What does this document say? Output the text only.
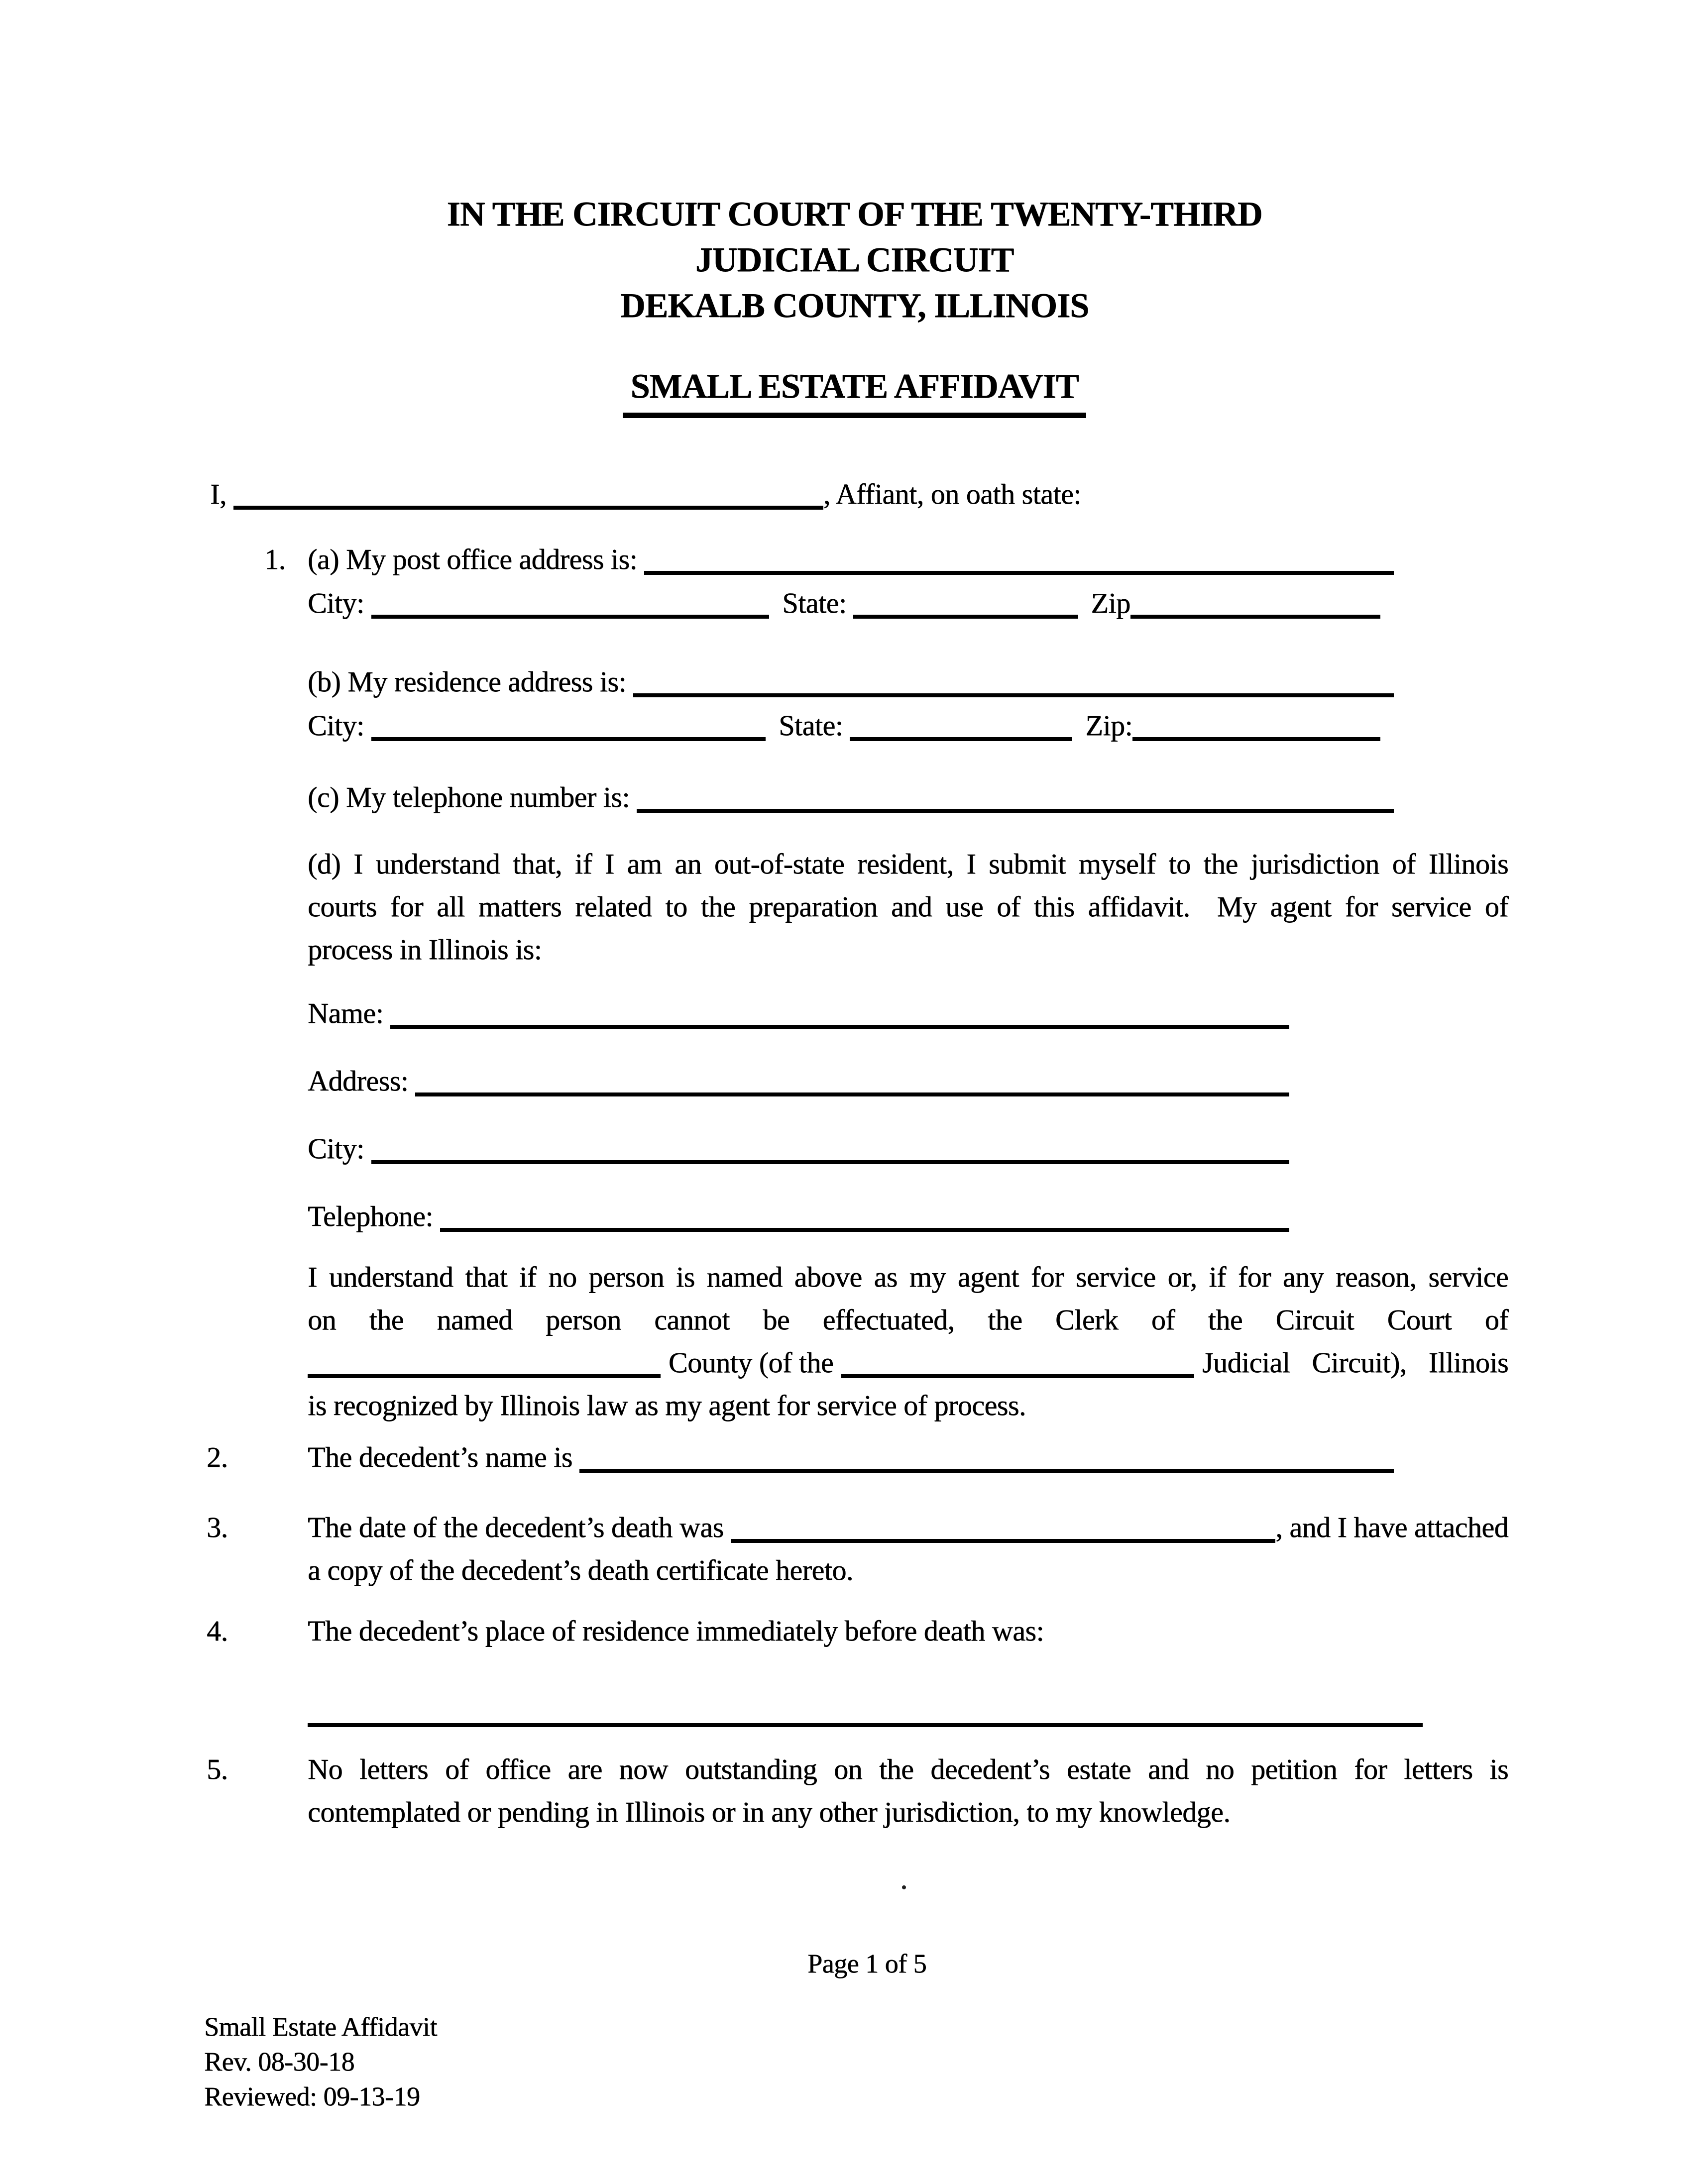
IN THE CIRCUIT COURT OF THE TWENTY-THIRD
JUDICIAL CIRCUIT
DEKALB COUNTY, ILLINOIS
SMALL ESTATE AFFIDAVIT
I,	, Affiant, on oath state:
1. (a) My post office address is:
City:	State:	Zip
(b) My residence address is:
City:	State:	Zip:
(c) My telephone number is:
(d) I understand that, if I am an out-of-state resident, I submit myself to the jurisdiction of Illinois
courts for all matters related to the preparation and use of this affidavit.  My agent for service of
process in Illinois is:
Name:
Address:
City:
Telephone:
I understand that if no person is named above as my agent for service or, if for any reason, service
on the named person cannot be effectuated, the Clerk of the Circuit Court of
County (of the	Judicial Circuit), Illinois
is recognized by Illinois law as my agent for service of process.
2.	The decedent’s name is
3.	The date of the decedent’s death was	, and I have attached
a copy of the decedent’s death certificate hereto.
4.	The decedent’s place of residence immediately before death was:
5.	No letters of office are now outstanding on the decedent’s estate and no petition for letters is
contemplated or pending in Illinois or in any other jurisdiction, to my knowledge.
Page 1 of 5
Small Estate Affidavit
Rev. 08-30-18
Reviewed: 09-13-19
